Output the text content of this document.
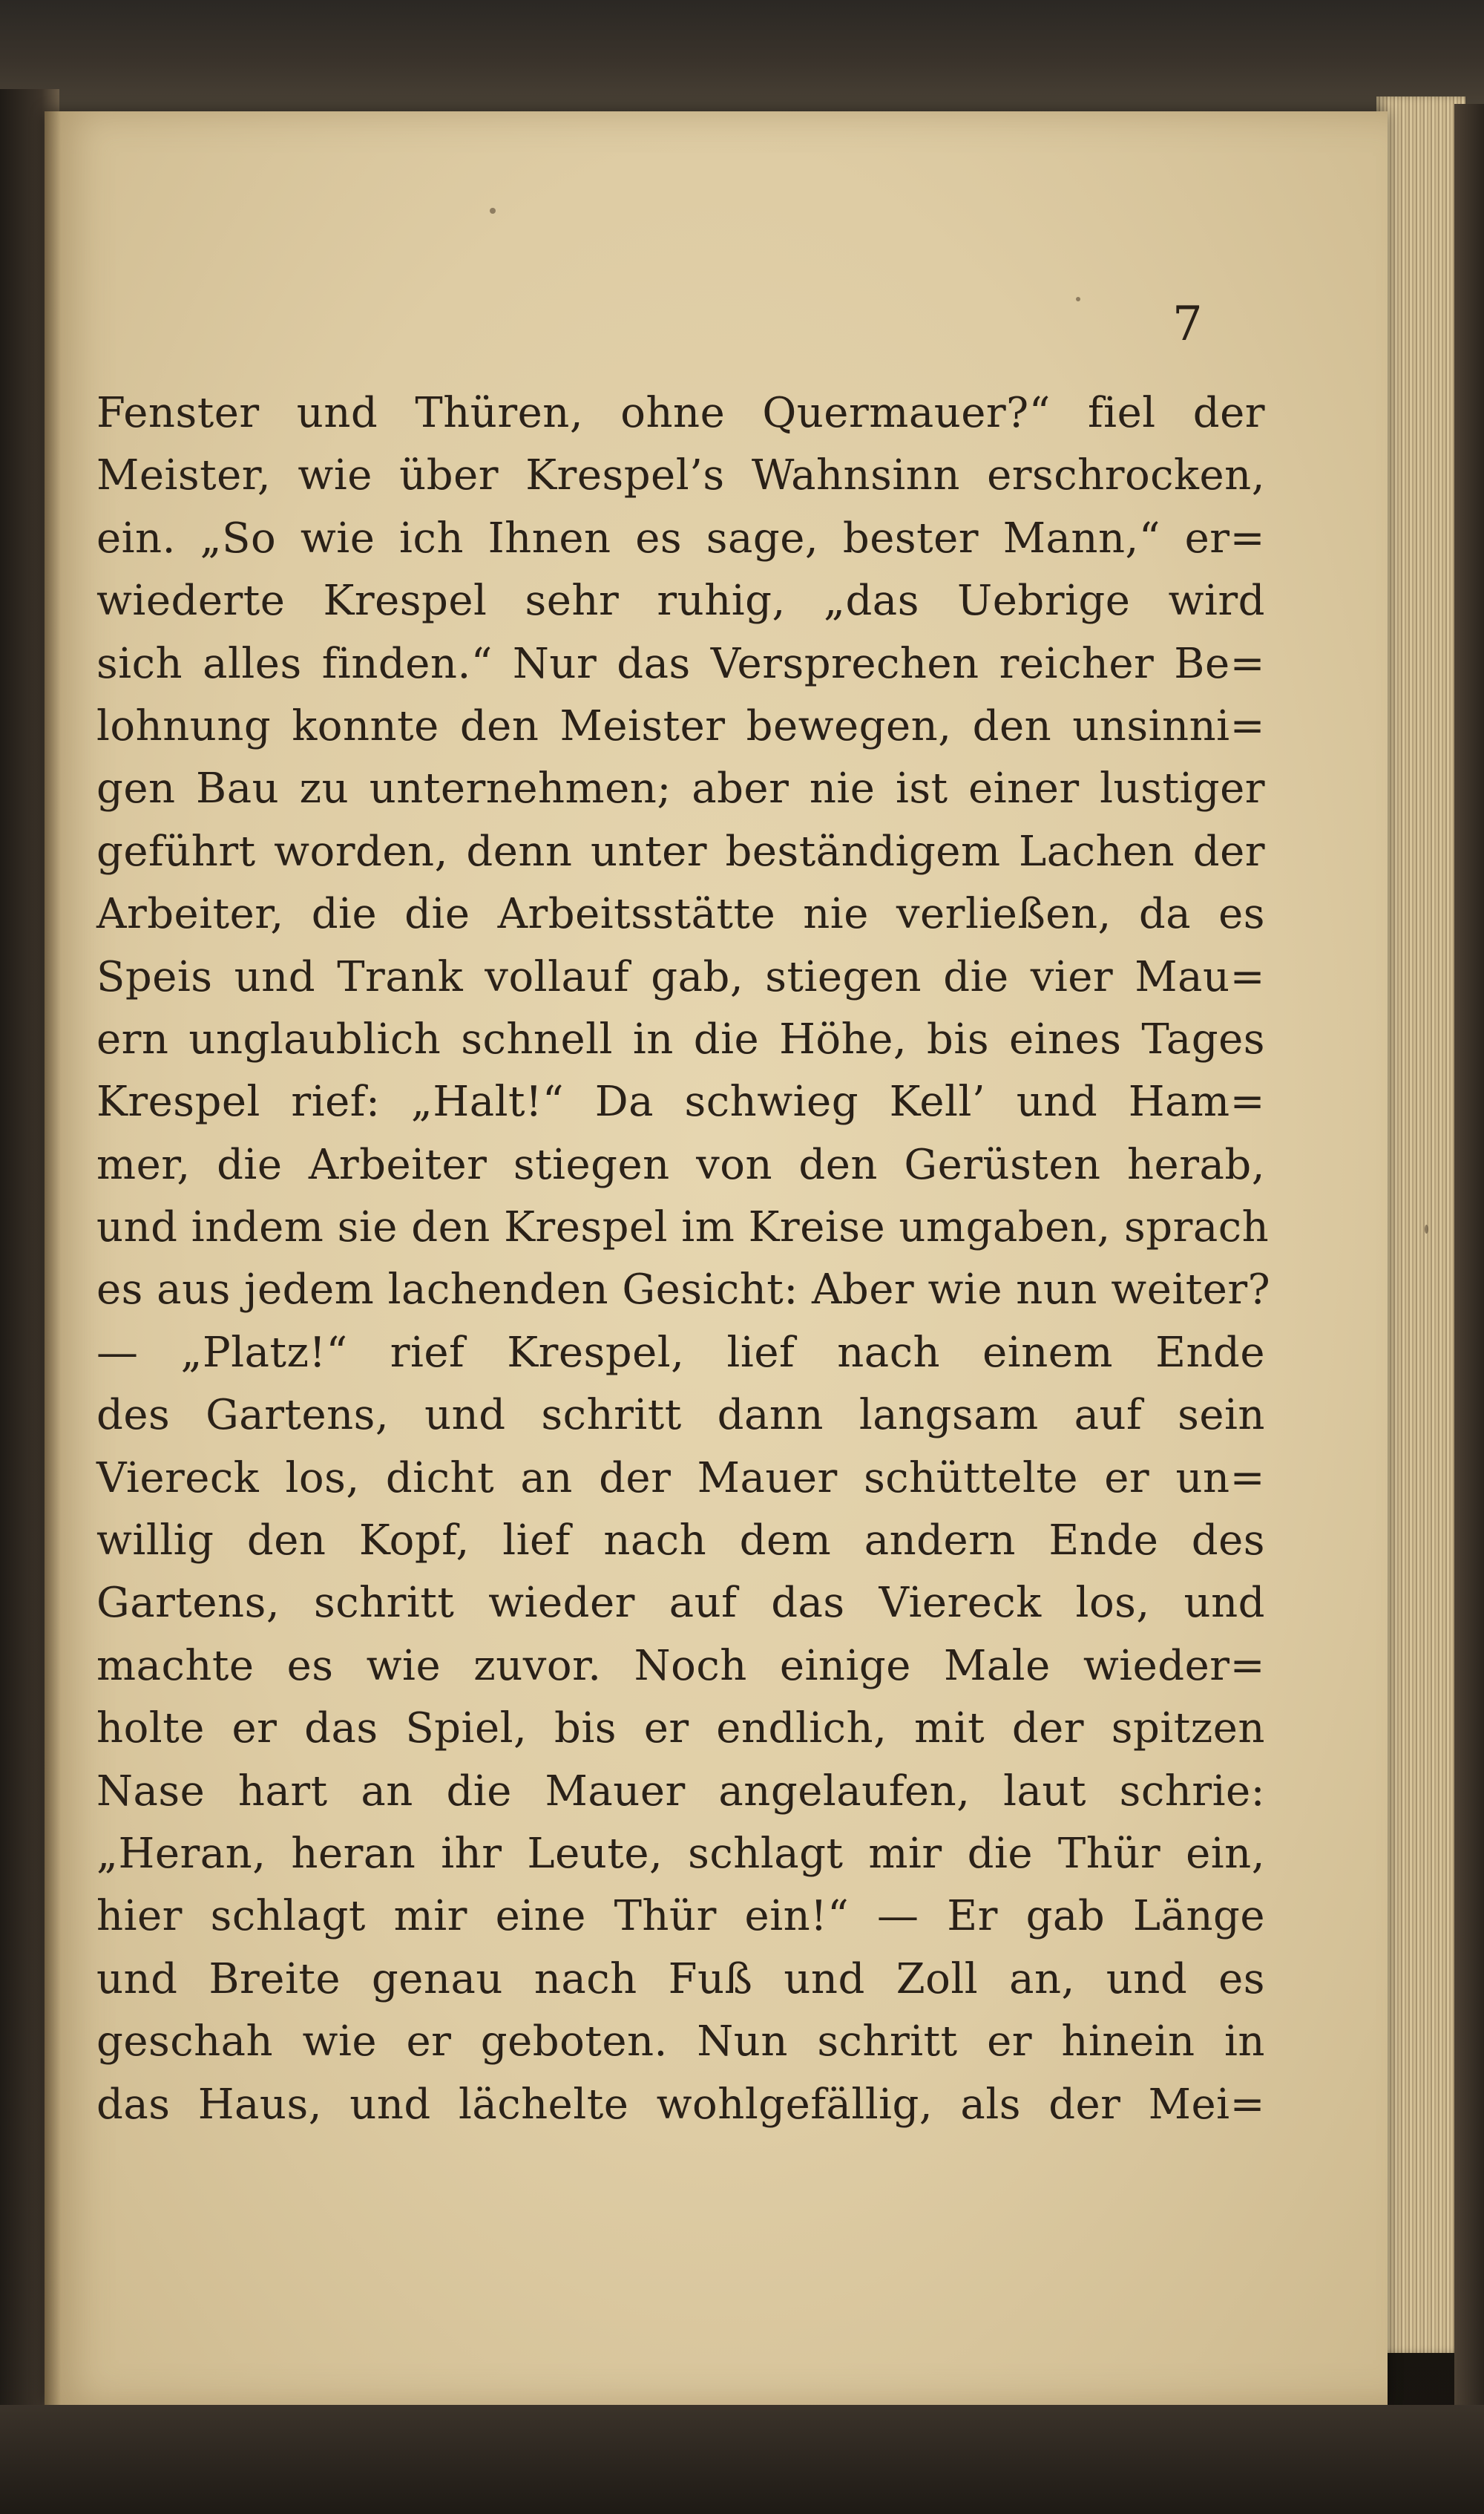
7
Fenster und Thüren, ohne Quermauer?“ fiel der
Meister, wie über Krespel’s Wahnsinn erschrocken,
ein. „So wie ich Ihnen es sage, bester Mann,“ er=
wiederte Krespel sehr ruhig, „das Uebrige wird
sich alles finden.“ Nur das Versprechen reicher Be=
lohnung konnte den Meister bewegen, den unsinni=
gen Bau zu unternehmen; aber nie ist einer lustiger
geführt worden, denn unter beständigem Lachen der
Arbeiter, die die Arbeitsstätte nie verließen, da es
Speis und Trank vollauf gab, stiegen die vier Mau=
ern unglaublich schnell in die Höhe, bis eines Tages
Krespel rief: „Halt!“ Da schwieg Kell’ und Ham=
mer, die Arbeiter stiegen von den Gerüsten herab,
und indem sie den Krespel im Kreise umgaben, sprach
es aus jedem lachenden Gesicht: Aber wie nun weiter?
— „Platz!“ rief Krespel, lief nach einem Ende
des Gartens, und schritt dann langsam auf sein
Viereck los, dicht an der Mauer schüttelte er un=
willig den Kopf, lief nach dem andern Ende des
Gartens, schritt wieder auf das Viereck los, und
machte es wie zuvor. Noch einige Male wieder=
holte er das Spiel, bis er endlich, mit der spitzen
Nase hart an die Mauer angelaufen, laut schrie:
„Heran, heran ihr Leute, schlagt mir die Thür ein,
hier schlagt mir eine Thür ein!“ — Er gab Länge
und Breite genau nach Fuß und Zoll an, und es
geschah wie er geboten. Nun schritt er hinein in
das Haus, und lächelte wohlgefällig, als der Mei=
